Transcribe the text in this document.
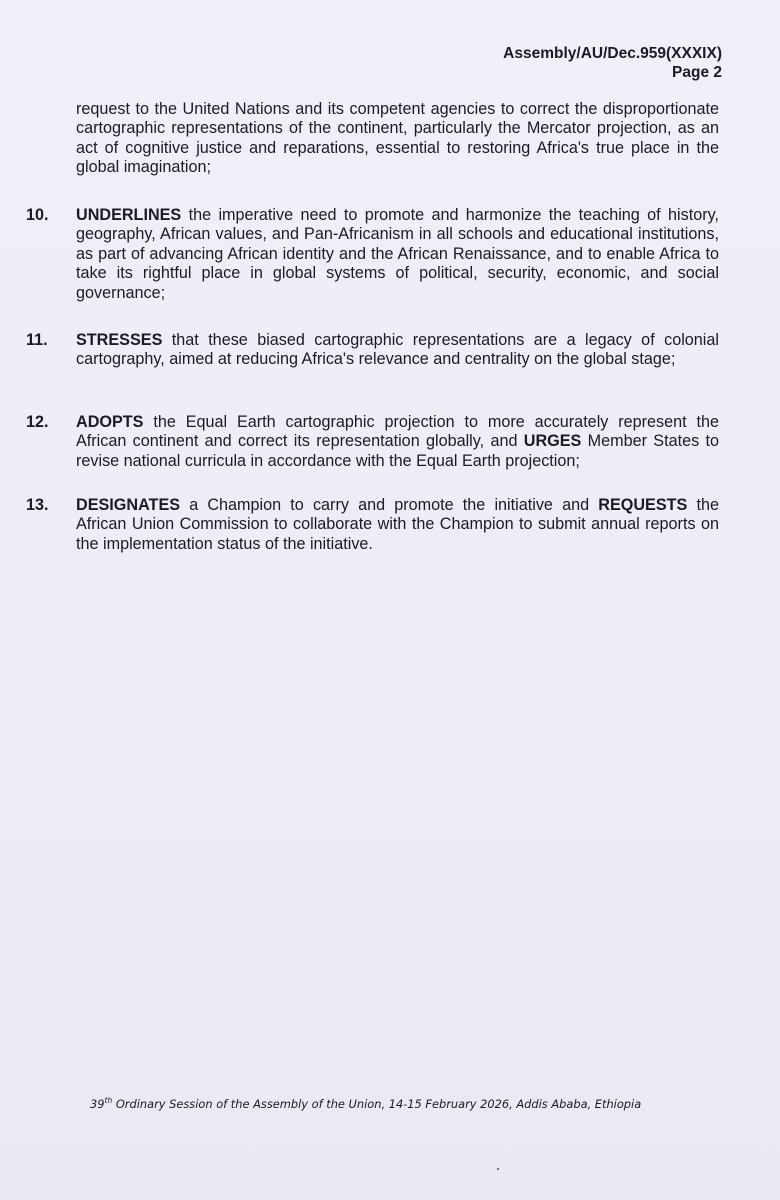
Assembly/AU/Dec.959(XXXIX)
Page 2
request to the United Nations and its competent agencies to correct the disproportionate cartographic representations of the continent, particularly the Mercator projection, as an act of cognitive justice and reparations, essential to restoring Africa's true place in the global imagination;
10. UNDERLINES the imperative need to promote and harmonize the teaching of history, geography, African values, and Pan-Africanism in all schools and educational institutions, as part of advancing African identity and the African Renaissance, and to enable Africa to take its rightful place in global systems of political, security, economic, and social governance;
11. STRESSES that these biased cartographic representations are a legacy of colonial cartography, aimed at reducing Africa's relevance and centrality on the global stage;
12. ADOPTS the Equal Earth cartographic projection to more accurately represent the African continent and correct its representation globally, and URGES Member States to revise national curricula in accordance with the Equal Earth projection;
13. DESIGNATES a Champion to carry and promote the initiative and REQUESTS the African Union Commission to collaborate with the Champion to submit annual reports on the implementation status of the initiative.
39th Ordinary Session of the Assembly of the Union, 14-15 February 2026, Addis Ababa, Ethiopia
